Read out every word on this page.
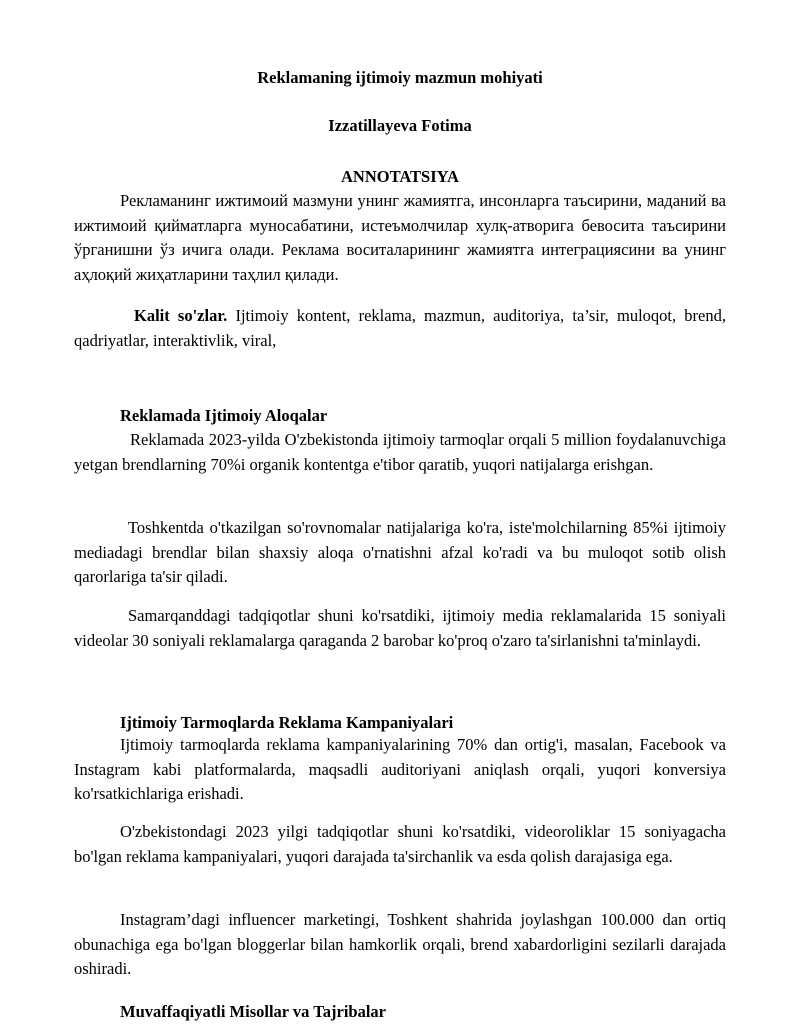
Reklamaning ijtimoiy mazmun mohiyati

Izzatillayeva Fotima

ANNOTATSIYA

Рекламанинг ижтимоий мазмуни унинг жамиятга, инсонларга таъсирини, маданий ва ижтимоий қийматларга муносабатини, истеъмолчилар хулқ-атворига бевосита таъсирини ўрганишни ўз ичига олади. Реклама воситаларининг жамиятга интеграциясини ва унинг аҳлоқий жиҳатларини таҳлил қилади.

Kalit so'zlar. Ijtimoiy kontent, reklama, mazmun, auditoriya, ta’sir, muloqot, brend, qadriyatlar, interaktivlik, viral,

Reklamada Ijtimoiy Aloqalar

Reklamada 2023-yilda O'zbekistonda ijtimoiy tarmoqlar orqali 5 million foydalanuvchiga yetgan brendlarning 70%i organik kontentga e'tibor qaratib, yuqori natijalarga erishgan.

Toshkentda o'tkazilgan so'rovnomalar natijalariga ko'ra, iste'molchilarning 85%i ijtimoiy mediadagi brendlar bilan shaxsiy aloqa o'rnatishni afzal ko'radi va bu muloqot sotib olish qarorlariga ta'sir qiladi.

Samarqanddagi tadqiqotlar shuni ko'rsatdiki, ijtimoiy media reklamalarida 15 soniyali videolar 30 soniyali reklamalarga qaraganda 2 barobar ko'proq o'zaro ta'sirlanishni ta'minlaydi.

Ijtimoiy Tarmoqlarda Reklama Kampaniyalari

Ijtimoiy tarmoqlarda reklama kampaniyalarining 70% dan ortig'i, masalan, Facebook va Instagram kabi platformalarda, maqsadli auditoriyani aniqlash orqali, yuqori konversiya ko'rsatkichlariga erishadi.

O'zbekistondagi 2023 yilgi tadqiqotlar shuni ko'rsatdiki, videoroliklar 15 soniyagacha bo'lgan reklama kampaniyalari, yuqori darajada ta'sirchanlik va esda qolish darajasiga ega.

Instagram’dagi influencer marketingi, Toshkent shahrida joylashgan 100.000 dan ortiq obunachiga ega bo'lgan bloggerlar bilan hamkorlik orqali, brend xabardorligini sezilarli darajada oshiradi.

Muvaffaqiyatli Misollar va Tajribalar
